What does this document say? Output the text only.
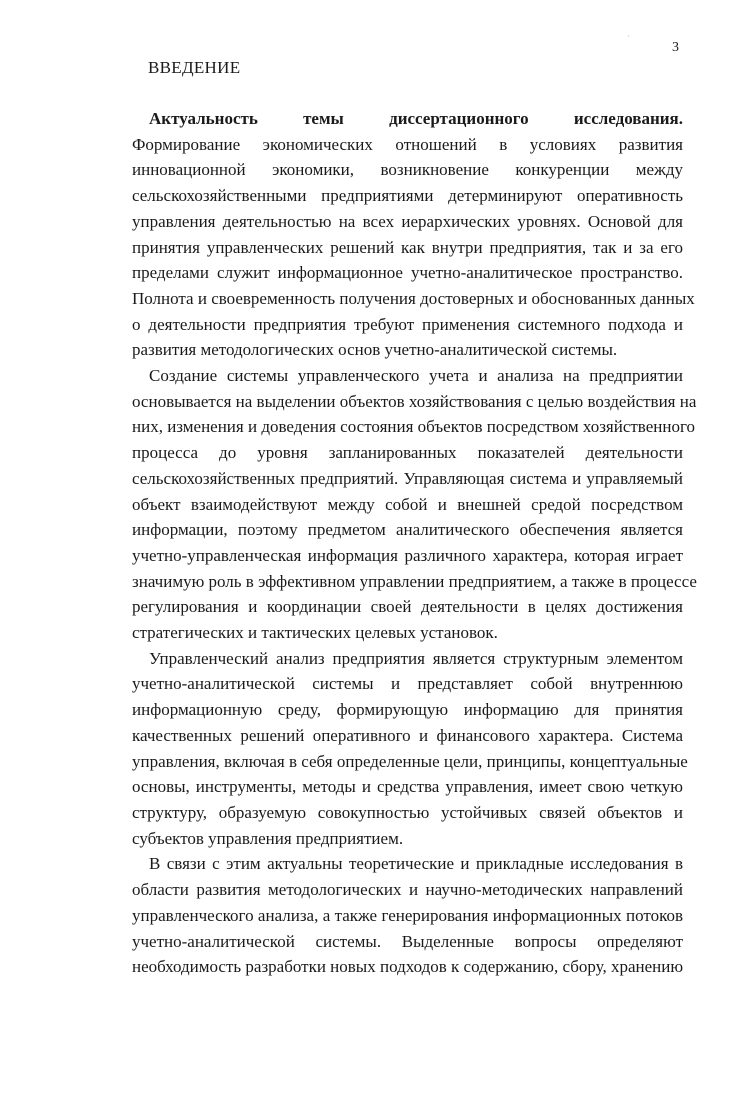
3
ВВЕДЕНИЕ
Актуальность темы диссертационного исследования.
Формирование экономических отношений в условиях развития
инновационной экономики, возникновение конкуренции между
сельскохозяйственными предприятиями детерминируют оперативность
управления деятельностью на всех иерархических уровнях. Основой для
принятия управленческих решений как внутри предприятия, так и за его
пределами служит информационное учетно-аналитическое пространство.
Полнота и своевременность получения достоверных и обоснованных данных
о деятельности предприятия требуют применения системного подхода и
развития методологических основ учетно-аналитической системы.
Создание системы управленческого учета и анализа на предприятии
основывается на выделении объектов хозяйствования с целью воздействия на
них, изменения и доведения состояния объектов посредством хозяйственного
процесса до уровня запланированных показателей деятельности
сельскохозяйственных предприятий. Управляющая система и управляемый
объект взаимодействуют между собой и внешней средой посредством
информации, поэтому предметом аналитического обеспечения является
учетно-управленческая информация различного характера, которая играет
значимую роль в эффективном управлении предприятием, а также в процессе
регулирования и координации своей деятельности в целях достижения
стратегических и тактических целевых установок.
Управленческий анализ предприятия является структурным элементом
учетно-аналитической системы и представляет собой внутреннюю
информационную среду, формирующую информацию для принятия
качественных решений оперативного и финансового характера. Система
управления, включая в себя определенные цели, принципы, концептуальные
основы, инструменты, методы и средства управления, имеет свою четкую
структуру, образуемую совокупностью устойчивых связей объектов и
субъектов управления предприятием.
В связи с этим актуальны теоретические и прикладные исследования в
области развития методологических и научно-методических направлений
управленческого анализа, а также генерирования информационных потоков
учетно-аналитической системы. Выделенные вопросы определяют
необходимость разработки новых подходов к содержанию, сбору, хранению
ˋ
